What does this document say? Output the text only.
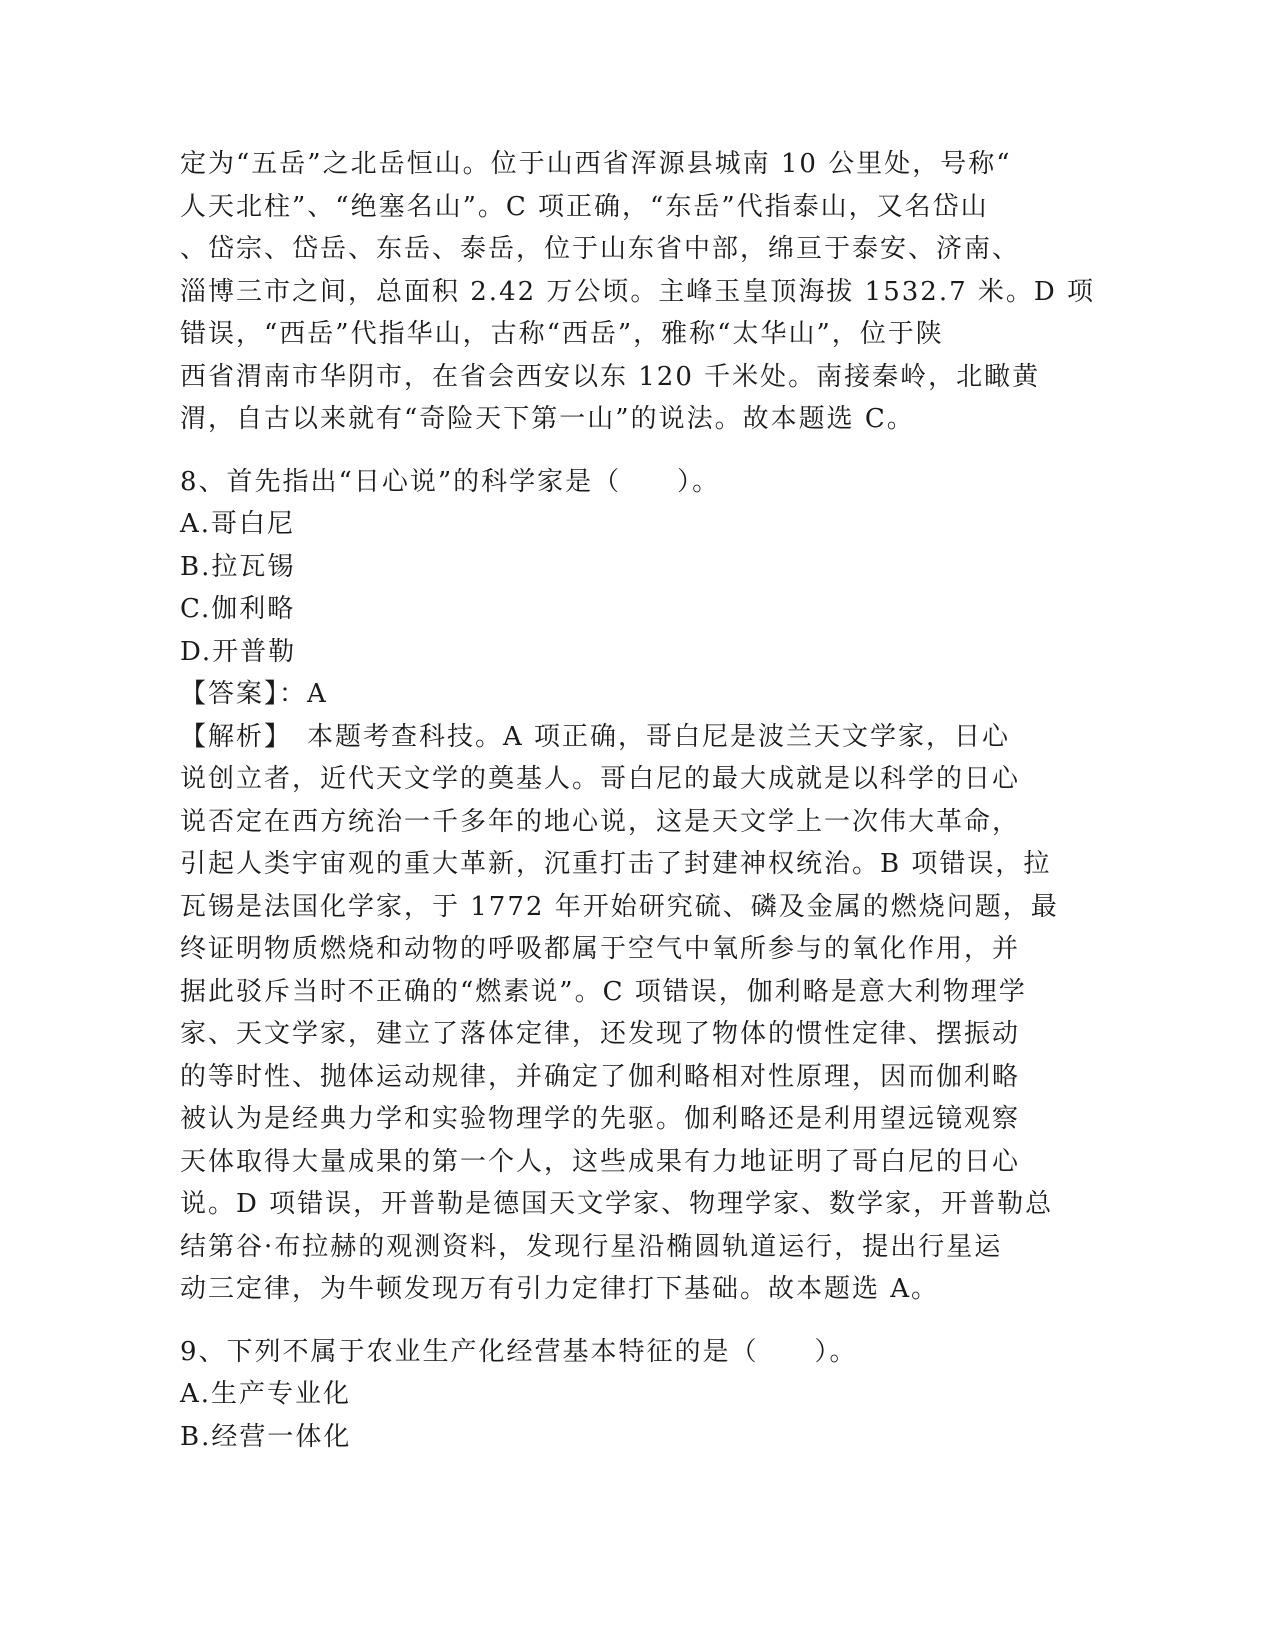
定为“五岳”之北岳恒山。位于山西省浑源县城南 10 公里处，号称“
人天北柱”、“绝塞名山”。C 项正确，“东岳”代指泰山，又名岱山
、岱宗、岱岳、东岳、泰岳，位于山东省中部，绵亘于泰安、济南、
淄博三市之间，总面积 2.42 万公顷。主峰玉皇顶海拔 1532.7 米。D 项
错误，“西岳”代指华山，古称“西岳”，雅称“太华山”，位于陕
西省渭南市华阴市，在省会西安以东 120 千米处。南接秦岭，北瞰黄
渭，自古以来就有“奇险天下第一山”的说法。故本题选 C。
8、首先指出“日心说”的科学家是（　　）。
A.哥白尼
B.拉瓦锡
C.伽利略
D.开普勒
【答案】：A
【解析】　本题考查科技。A 项正确，哥白尼是波兰天文学家，日心
说创立者，近代天文学的奠基人。哥白尼的最大成就是以科学的日心
说否定在西方统治一千多年的地心说，这是天文学上一次伟大革命，
引起人类宇宙观的重大革新，沉重打击了封建神权统治。B 项错误，拉
瓦锡是法国化学家，于 1772 年开始研究硫、磷及金属的燃烧问题，最
终证明物质燃烧和动物的呼吸都属于空气中氧所参与的氧化作用，并
据此驳斥当时不正确的“燃素说”。C 项错误，伽利略是意大利物理学
家、天文学家，建立了落体定律，还发现了物体的惯性定律、摆振动
的等时性、抛体运动规律，并确定了伽利略相对性原理，因而伽利略
被认为是经典力学和实验物理学的先驱。伽利略还是利用望远镜观察
天体取得大量成果的第一个人，这些成果有力地证明了哥白尼的日心
说。D 项错误，开普勒是德国天文学家、物理学家、数学家，开普勒总
结第谷·布拉赫的观测资料，发现行星沿椭圆轨道运行，提出行星运
动三定律，为牛顿发现万有引力定律打下基础。故本题选 A。
9、下列不属于农业生产化经营基本特征的是（　　）。
A.生产专业化
B.经营一体化
